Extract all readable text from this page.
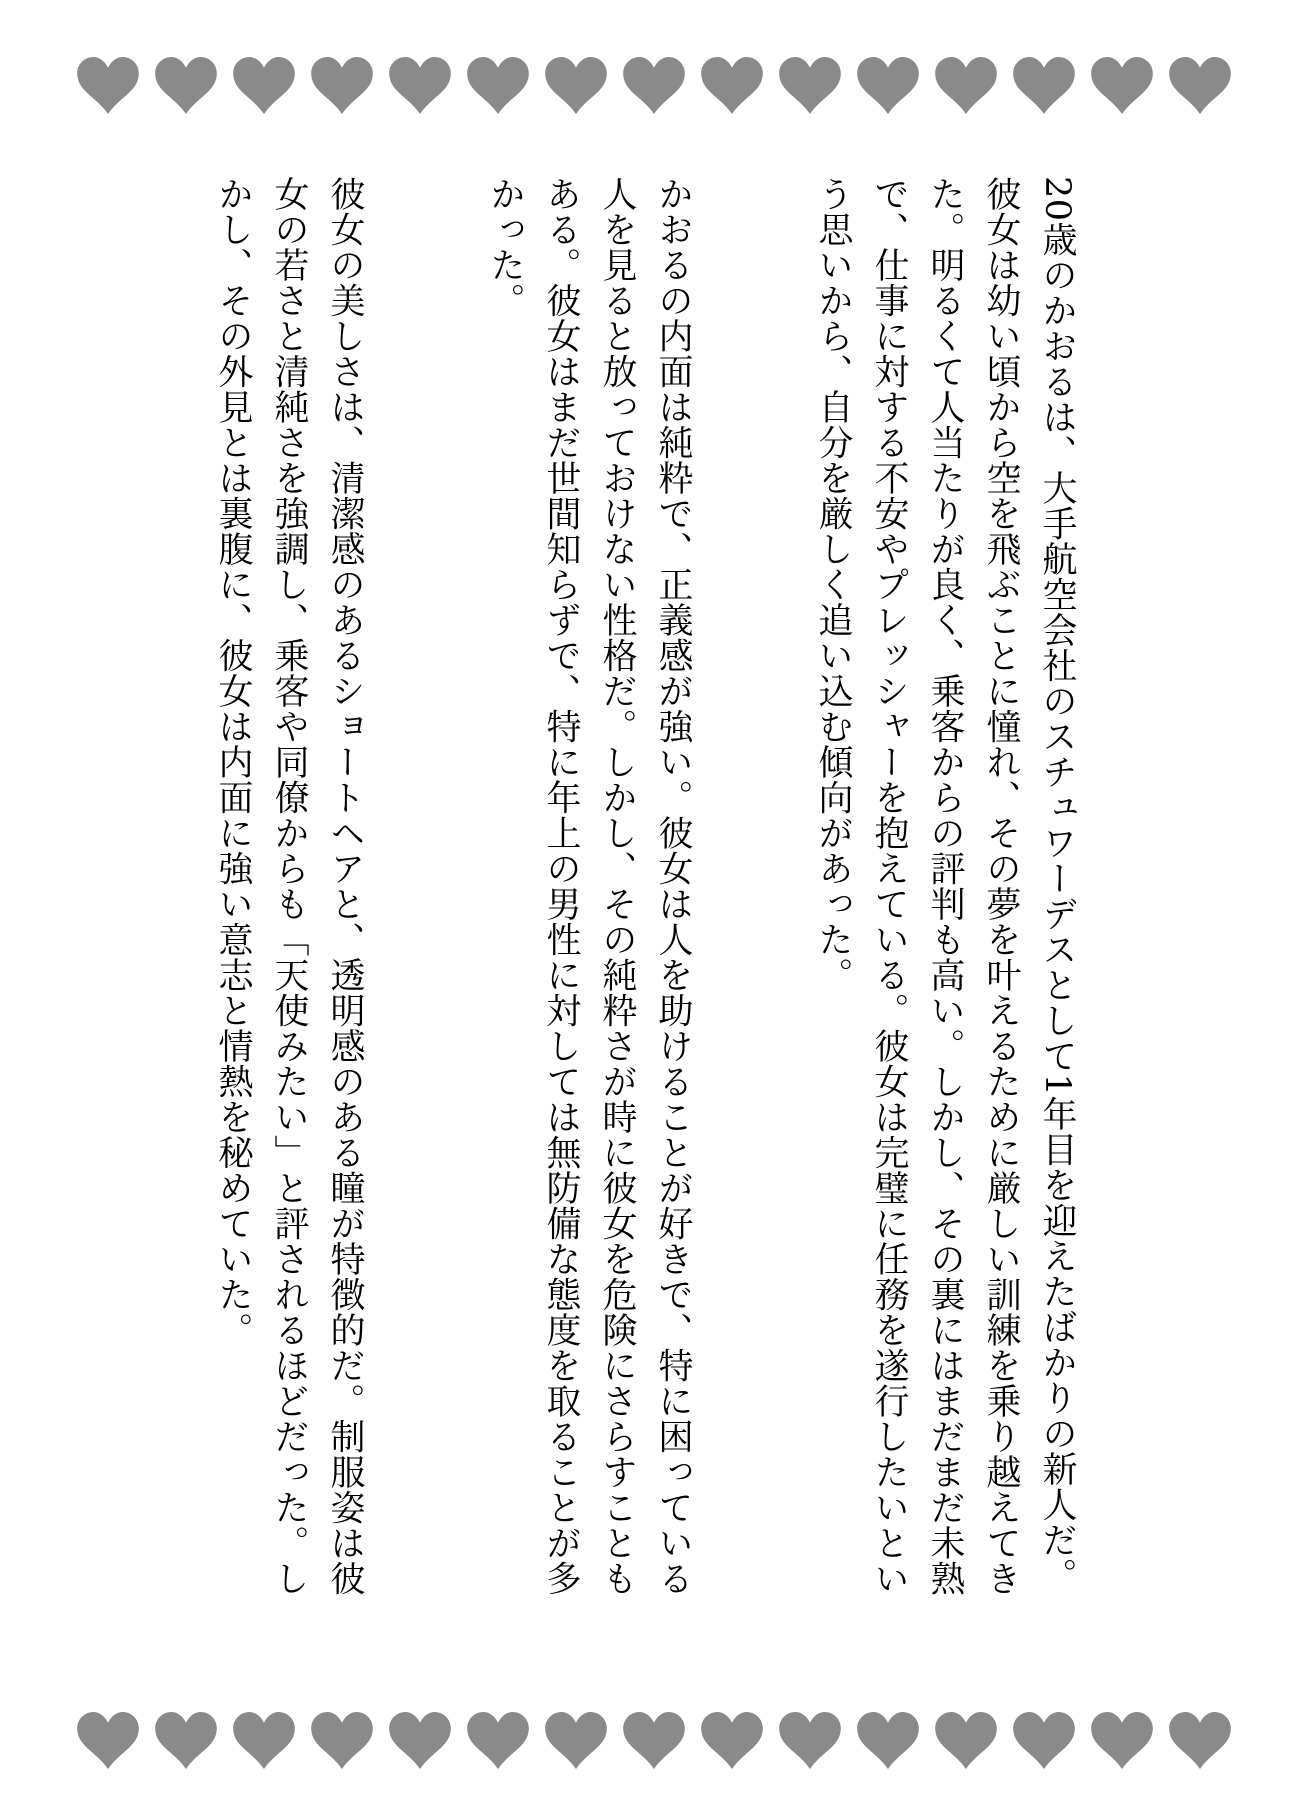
20歳のかおるは、大手航空会社のスチュワーデスとして1年目を迎えたばかりの新人だ。彼女は幼い頃から空を飛ぶことに憧れ、その夢を叶えるために厳しい訓練を乗り越えてきた。明るくて人当たりが良く、乗客からの評判も高い。しかし、その裏にはまだまだ未熟で、仕事に対する不安やプレッシャーを抱えている。彼女は完璧に任務を遂行したいという思いから、自分を厳しく追い込む傾向があった。

かおるの内面は純粋で、正義感が強い。彼女は人を助けることが好きで、特に困っている人を見ると放っておけない性格だ。しかし、その純粋さが時に彼女を危険にさらすこともある。彼女はまだ世間知らずで、特に年上の男性に対しては無防備な態度を取ることが多かった。

彼女の美しさは、清潔感のあるショートヘアと、透明感のある瞳が特徴的だ。制服姿は彼女の若さと清純さを強調し、乗客や同僚からも「天使みたい」と評されるほどだった。しかし、その外見とは裏腹に、彼女は内面に強い意志と情熱を秘めていた。
